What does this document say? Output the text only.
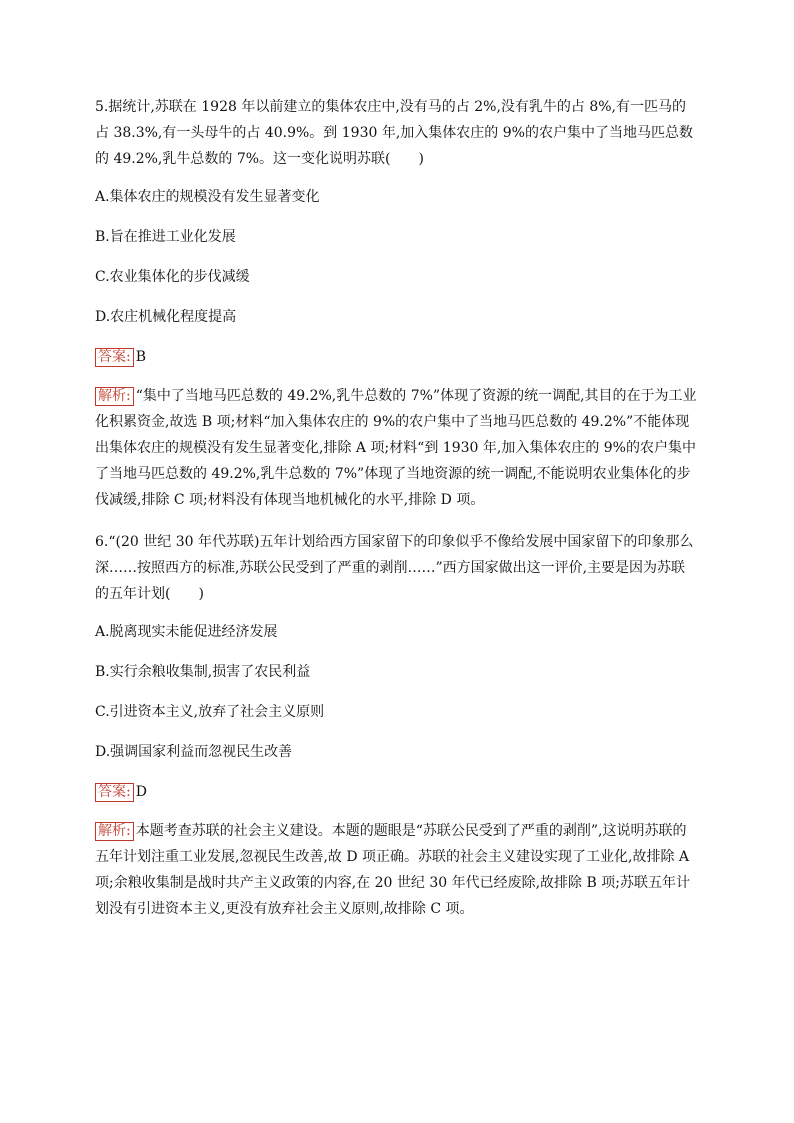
5.据统计,苏联在 1928 年以前建立的集体农庄中,没有马的占 2%,没有乳牛的占 8%,有一匹马的占 38.3%,有一头母牛的占 40.9%。到 1930 年,加入集体农庄的 9%的农户集中了当地马匹总数的 49.2%,乳牛总数的 7%。这一变化说明苏联(　　)

A.集体农庄的规模没有发生显著变化
B.旨在推进工业化发展
C.农业集体化的步伐减缓
D.农庄机械化程度提高
答案: B

解析: “集中了当地马匹总数的 49.2%,乳牛总数的 7%”体现了资源的统一调配,其目的在于为工业化积累资金,故选 B 项;材料“加入集体农庄的 9%的农户集中了当地马匹总数的 49.2%”不能体现出集体农庄的规模没有发生显著变化,排除 A 项;材料“到 1930 年,加入集体农庄的 9%的农户集中了当地马匹总数的 49.2%,乳牛总数的 7%”体现了当地资源的统一调配,不能说明农业集体化的步伐减缓,排除 C 项;材料没有体现当地机械化的水平,排除 D 项。

6.“(20 世纪 30 年代苏联)五年计划给西方国家留下的印象似乎不像给发展中国家留下的印象那么深……按照西方的标准,苏联公民受到了严重的剥削……”西方国家做出这一评价,主要是因为苏联的五年计划(　　)

A.脱离现实未能促进经济发展
B.实行余粮收集制,损害了农民利益
C.引进资本主义,放弃了社会主义原则
D.强调国家利益而忽视民生改善
答案: D

解析: 本题考查苏联的社会主义建设。本题的题眼是“苏联公民受到了严重的剥削”,这说明苏联的五年计划注重工业发展,忽视民生改善,故 D 项正确。苏联的社会主义建设实现了工业化,故排除 A 项;余粮收集制是战时共产主义政策的内容,在 20 世纪 30 年代已经废除,故排除 B 项;苏联五年计划没有引进资本主义,更没有放弃社会主义原则,故排除 C 项。
